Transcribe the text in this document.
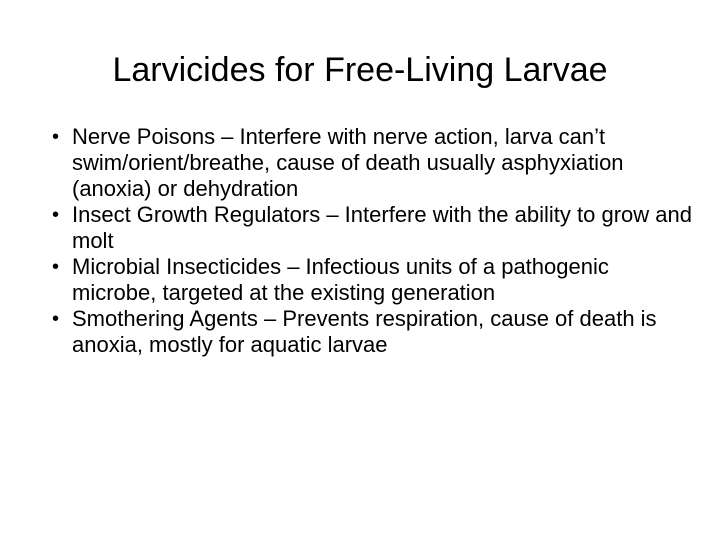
Larvicides for Free-Living Larvae
• Nerve Poisons – Interfere with nerve action, larva can’t swim/orient/breathe, cause of death usually asphyxiation (anoxia) or dehydration
• Insect Growth Regulators – Interfere with the ability to grow and molt
• Microbial Insecticides – Infectious units of a pathogenic microbe, targeted at the existing generation
• Smothering Agents – Prevents respiration, cause of death is anoxia, mostly for aquatic larvae
